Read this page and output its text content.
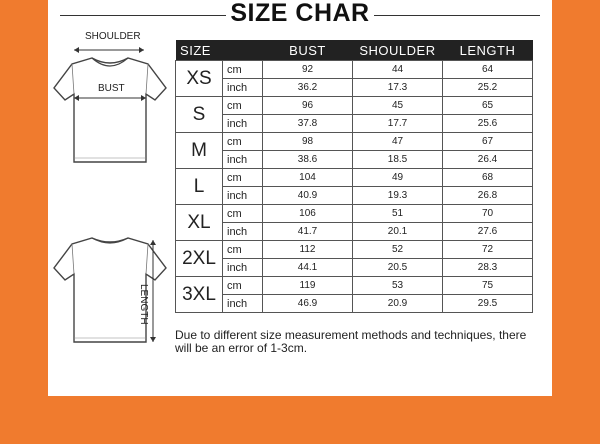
SIZE CHAR
SHOULDER
BUST
LENGTH
SIZE			BUST	SHOULDER	LENGTH
XS		cm	92	44	64
		inch	36.2	17.3	25.2
S		cm	96	45	65
		inch	37.8	17.7	25.6
M		cm	98	47	67
		inch	38.6	18.5	26.4
L		cm	104	49	68
		inch	40.9	19.3	26.8
XL		cm	106	51	70
		inch	41.7	20.1	27.6
2XL		cm	112	52	72
		inch	44.1	20.5	28.3
3XL		cm	119	53	75
		inch	46.9	20.9	29.5
Due to different size measurement methods and techniques, there will be an error of 1-3cm.
